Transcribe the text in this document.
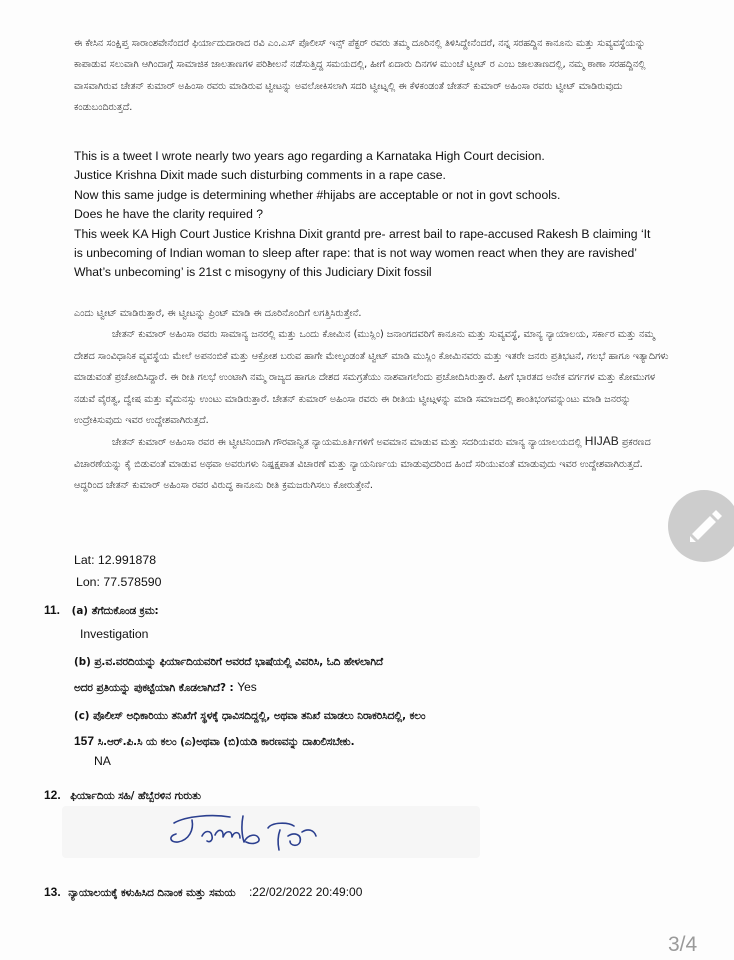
ಈ ಕೇಸಿನ ಸಂಕ್ಷಿಪ್ತ ಸಾರಾಂಶವೇನೆಂದರೆ ಫಿರ್ಯಾದುದಾರಾದ ರವಿ ಎಂ.ಎಸ್ ಪೊಲೀಸ್ ಇನ್ಸ್ ಪೆಕ್ಟರ್ ರವರು ತಮ್ಮ ದೂರಿನಲ್ಲಿ ತಿಳಿಸಿದ್ದೇನೆಂದರೆ, ನನ್ನ ಸರಹದ್ದಿನ ಕಾನೂನು ಮತ್ತು ಸುವ್ಯವಸ್ಥೆಯನ್ನು ಕಾಪಾಡುವ ಸಲುವಾಗಿ ಆಗಿಂದಾಗ್ಗೆ ಸಾಮಾಜಿಕ ಜಾಲತಾಣಗಳ ಪರಿಶೀಲನೆ ನಡೆಸುತ್ತಿದ್ದ ಸಮಯದಲ್ಲಿ, ಹೀಗೆ ಏದಾರು ದಿನಗಳ ಮುಂಚೆ ಟ್ವೀಟ್ ರ ಎಂಬ ಜಾಲತಾಣದಲ್ಲಿ, ನಮ್ಮ ಠಾಣಾ ಸರಹದ್ದಿನಲ್ಲಿ ವಾಸವಾಗಿರುವ ಚೇತನ್ ಕುಮಾರ್ ಅಹಿಂಸಾ ರವರು ಮಾಡಿರುವ ಟ್ವೀಟನ್ನು ಅವಲೋಕಿಸಲಾಗಿ ಸದರಿ ಟ್ವೀಟ್ನಲ್ಲಿ ಈ ಕೆಳಕಂಡಂತೆ ಚೇತನ್ ಕುಮಾರ್ ಅಹಿಂಸಾ ರವರು ಟ್ವೀಟ್ ಮಾಡಿರುವುದು ಕಂಡುಬಂದಿರುತ್ತದೆ.

This is a tweet I wrote nearly two years ago regarding a Karnataka High Court decision.

Justice Krishna Dixit made such disturbing comments in a rape case.

Now this same judge is determining whether #hijabs are acceptable or not in govt schools.

Does he have the clarity required ?

This week KA High Court Justice Krishna Dixit grantd pre- arrest bail to rape-accused Rakesh B claiming ‘It

is unbecoming of Indian woman to sleep after rape: that is not way women react when they are ravished’

What’s unbecoming’ is 21st c misogyny of this Judiciary Dixit fossil

ಎಂದು ಟ್ವೀಟ್ ಮಾಡಿರುತ್ತಾರೆ, ಈ ಟ್ವೀಟನ್ನು ಪ್ರಿಂಟ್ ಮಾಡಿ ಈ ದೂರಿನೊಂದಿಗೆ ಲಗತ್ತಿಸಿರುತ್ತೇನೆ.

ಚೇತನ್ ಕುಮಾರ್ ಅಹಿಂಸಾ ರವರು ಸಾಮಾನ್ಯ ಜನರಲ್ಲಿ ಮತ್ತು ಒಂದು ಕೋಮಿನ (ಮುಸ್ಲಿಂ) ಜನಾಂಗದವರಿಗೆ ಕಾನೂನು ಮತ್ತು ಸುವ್ಯವಸ್ಥೆ, ಮಾನ್ಯ ನ್ಯಾಯಾಲಯ, ಸರ್ಕಾರ ಮತ್ತು ನಮ್ಮ ದೇಶದ ಸಾಂವಿಧಾನಿಕ ವ್ಯವಸ್ಥೆಯ ಮೇಲೆ ಅಪನಂಬಿಕೆ ಮತ್ತು ಆಕ್ರೋಶ ಬರುವ ಹಾಗೇ ಮೇಲ್ಕಂಡಂತೆ ಟ್ವೀಟ್ ಮಾಡಿ ಮುಸ್ಲಿಂ ಕೋಮಿನವರು ಮತ್ತು ಇತರೇ ಜನರು ಪ್ರತಿಭಟನೆ, ಗಲಭೆ ಹಾಗೂ ಇತ್ಯಾದಿಗಳು ಮಾಡುವಂತೆ ಪ್ರಚೋದಿಸಿದ್ದಾರೆ. ಈ ರೀತಿ ಗಲಭೆ ಉಂಟಾಗಿ ನಮ್ಮ ರಾಜ್ಯದ ಹಾಗೂ ದೇಶದ ಸಮಗ್ರತೆಯು ನಾಶವಾಗಲೆಂದು ಪ್ರಚೋದಿಸಿರುತ್ತಾರೆ. ಹೀಗೆ ಭಾರತದ ಅನೇಕ ವರ್ಗಗಳ ಮತ್ತು ಕೋಮುಗಳ ನಡುವೆ ವೈರತ್ವ, ದ್ವೇಷ ಮತ್ತು ವೈಮನಸ್ಸು ಉಂಟು ಮಾಡಿರುತ್ತಾರೆ. ಚೇತನ್ ಕುಮಾರ್ ಅಹಿಂಸಾ ರವರು ಈ ರೀತಿಯ ಟ್ವೀಟ್ಗಳನ್ನು ಮಾಡಿ ಸಮಾಜದಲ್ಲಿ ಶಾಂತಿಭಂಗವನ್ನುಂಟು ಮಾಡಿ ಜನರನ್ನು ಉದ್ರೇಕಿಸುವುದು ಇವರ ಉದ್ದೇಶವಾಗಿರುತ್ತದೆ.

ಚೇತನ್ ಕುಮಾರ್ ಅಹಿಂಸಾ ರವರ ಈ ಟ್ವೀಟಿನಿಂದಾಗಿ ಗೌರವಾನ್ವಿತ ನ್ಯಾಯಮೂರ್ತಿಗಳಿಗೆ ಅವಮಾನ ಮಾಡುವ ಮತ್ತು ಸದರಿಯವರು ಮಾನ್ಯ ನ್ಯಾಯಾಲಯದಲ್ಲಿ HIJAB ಪ್ರಕರಣದ ವಿಚಾರಣೆಯನ್ನು ಕೈ ಬಿಡುವಂತೆ ಮಾಡುವ ಅಥವಾ ಅವರುಗಳು ನಿಷ್ಪಕ್ಷಪಾತ ವಿಚಾರಣೆ ಮತ್ತು ನ್ಯಾಯನಿರ್ಣಯ ಮಾಡುವುದರಿಂದ ಹಿಂದೆ ಸರಿಯುವಂತೆ ಮಾಡುವುದು ಇವರ ಉದ್ದೇಶವಾಗಿರುತ್ತದೆ. ಆದ್ದರಿಂದ ಚೇತನ್ ಕುಮಾರ್ ಅಹಿಂಸಾ ರವರ ವಿರುದ್ಧ ಕಾನೂನು ರೀತಿ ಕ್ರಮಜರುಗಿಸಲು ಕೋರುತ್ತೇನೆ.

Lat: 12.991878
Lon: 77.578590
11. (a) ತೆಗೆದುಕೊಂಡ ಕ್ರಮ:
Investigation
(b) ಪ್ರ.ವ.ವರದಿಯನ್ನು ಫಿರ್ಯಾದಿಯವರಿಗೆ ಅವರದೆ ಭಾಷೆಯಲ್ಲಿ ವಿವರಿಸಿ, ಓದಿ ಹೇಳಲಾಗಿದೆ
ಅದರ ಪ್ರತಿಯನ್ನು ಪುಕಟ್ಟೆಯಾಗಿ ಕೊಡಲಾಗಿದೆ? : Yes
(c) ಪೊಲೀಸ್ ಅಧಿಕಾರಿಯು ತನಿಖೆಗೆ ಸ್ಥಳಕ್ಕೆ ಧಾವಿಸದಿದ್ದಲ್ಲಿ, ಅಥವಾ ತನಿಖೆ ಮಾಡಲು ನಿರಾಕರಿಸಿದಲ್ಲಿ, ಕಲಂ
157 ಸಿ.ಆರ್.ಪಿ.ಸಿ ಯ ಕಲಂ (ಎ)ಅಥವಾ (ಬಿ)ಯಡಿ ಕಾರಣವನ್ನು ದಾಖಲಿಸಬೇಕು.
NA
12. ಫಿರ್ಯಾದಿಯ ಸಹಿ/ ಹೆಬ್ಬೆರಳಿನ ಗುರುತು
13. ನ್ಯಾಯಾಲಯಕ್ಕೆ ಕಳುಹಿಸಿದ ದಿನಾಂಕ ಮತ್ತು ಸಮಯ :22/02/2022 20:49:00
3/4
